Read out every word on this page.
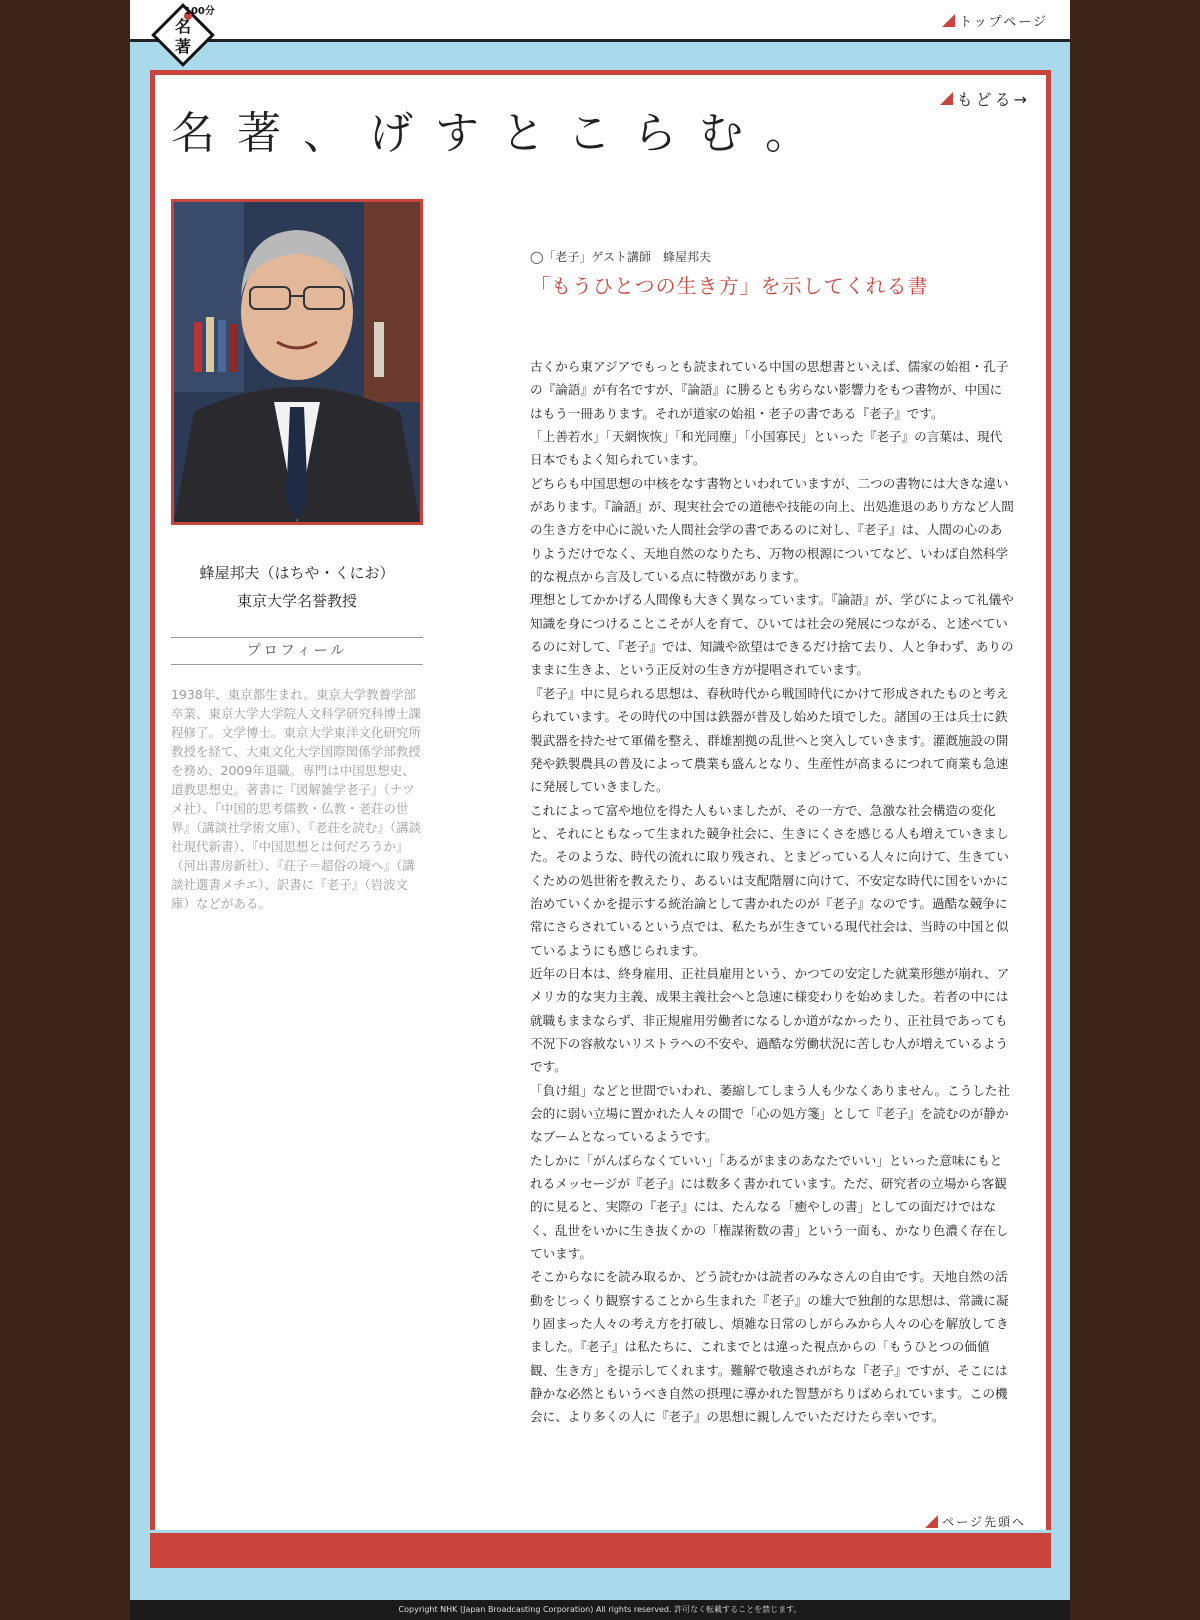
名
著
100分
トップページ
名著、げすとこらむ。
もどる→
蜂屋邦夫（はちや・くにお）
東京大学名誉教授
プロフィール
1938年、東京都生まれ。東京大学教養学部卒業、東京大学大学院人文科学研究科博士課程修了。文学博士。東京大学東洋文化研究所教授を経て、大東文化大学国際関係学部教授を務め、2009年退職。専門は中国思想史、道教思想史。著書に『図解雑学老子』（ナツメ社）、『中国的思考儒教・仏教・老荘の世界』（講談社学術文庫）、『老荘を読む』（講談社現代新書）、『中国思想とは何だろうか』（河出書房新社）、『荘子＝超俗の境へ』（講談社選書メチエ）、訳書に『老子』（岩波文庫）などがある。
◯「老子」ゲスト講師　蜂屋邦夫
「もうひとつの生き方」を示してくれる書

古くから東アジアでもっとも読まれている中国の思想書といえば、儒家の始祖・孔子の『論語』が有名ですが、『論語』に勝るとも劣らない影響力をもつ書物が、中国にはもう一冊あります。それが道家の始祖・老子の書である『老子』です。

「上善若水」「天網恢恢」「和光同塵」「小国寡民」といった『老子』の言葉は、現代日本でもよく知られています。

どちらも中国思想の中核をなす書物といわれていますが、二つの書物には大きな違いがあります。『論語』が、現実社会での道徳や技能の向上、出処進退のあり方など人間の生き方を中心に説いた人間社会学の書であるのに対し、『老子』は、人間の心のありようだけでなく、天地自然のなりたち、万物の根源についてなど、いわば自然科学的な視点から言及している点に特徴があります。

理想としてかかげる人間像も大きく異なっています。『論語』が、学びによって礼儀や知識を身につけることこそが人を育て、ひいては社会の発展につながる、と述べているのに対して、『老子』では、知識や欲望はできるだけ捨て去り、人と争わず、ありのままに生きよ、という正反対の生き方が提唱されています。

『老子』中に見られる思想は、春秋時代から戦国時代にかけて形成されたものと考えられています。その時代の中国は鉄器が普及し始めた頃でした。諸国の王は兵士に鉄製武器を持たせて軍備を整え、群雄割拠の乱世へと突入していきます。灌漑施設の開発や鉄製農具の普及によって農業も盛んとなり、生産性が高まるにつれて商業も急速に発展していきました。

これによって富や地位を得た人もいましたが、その一方で、急激な社会構造の変化と、それにともなって生まれた競争社会に、生きにくさを感じる人も増えていきました。そのような、時代の流れに取り残され、とまどっている人々に向けて、生きていくための処世術を教えたり、あるいは支配階層に向けて、不安定な時代に国をいかに治めていくかを提示する統治論として書かれたのが『老子』なのです。過酷な競争に常にさらされているという点では、私たちが生きている現代社会は、当時の中国と似ているようにも感じられます。

近年の日本は、終身雇用、正社員雇用という、かつての安定した就業形態が崩れ、アメリカ的な実力主義、成果主義社会へと急速に様変わりを始めました。若者の中には就職もままならず、非正規雇用労働者になるしか道がなかったり、正社員であっても不況下の容赦ないリストラへの不安や、過酷な労働状況に苦しむ人が増えているようです。

「負け組」などと世間でいわれ、萎縮してしまう人も少なくありません。こうした社会的に弱い立場に置かれた人々の間で「心の処方箋」として『老子』を読むのが静かなブームとなっているようです。

たしかに「がんばらなくていい」「あるがままのあなたでいい」といった意味にもとれるメッセージが『老子』には数多く書かれています。ただ、研究者の立場から客観的に見ると、実際の『老子』には、たんなる「癒やしの書」としての面だけではなく、乱世をいかに生き抜くかの「権謀術数の書」という一面も、かなり色濃く存在しています。

そこからなにを読み取るか、どう読むかは読者のみなさんの自由です。天地自然の活動をじっくり観察することから生まれた『老子』の雄大で独創的な思想は、常識に凝り固まった人々の考え方を打破し、煩雑な日常のしがらみから人々の心を解放してきました。『老子』は私たちに、これまでとは違った視点からの「もうひとつの価値観、生き方」を提示してくれます。難解で敬遠されがちな『老子』ですが、そこには静かな必然ともいうべき自然の摂理に導かれた智慧がちりばめられています。この機会に、より多くの人に『老子』の思想に親しんでいただけたら幸いです。

ページ先頭へ
Copyright NHK (Japan Broadcasting Corporation) All rights reserved. 許可なく転載することを禁じます。
